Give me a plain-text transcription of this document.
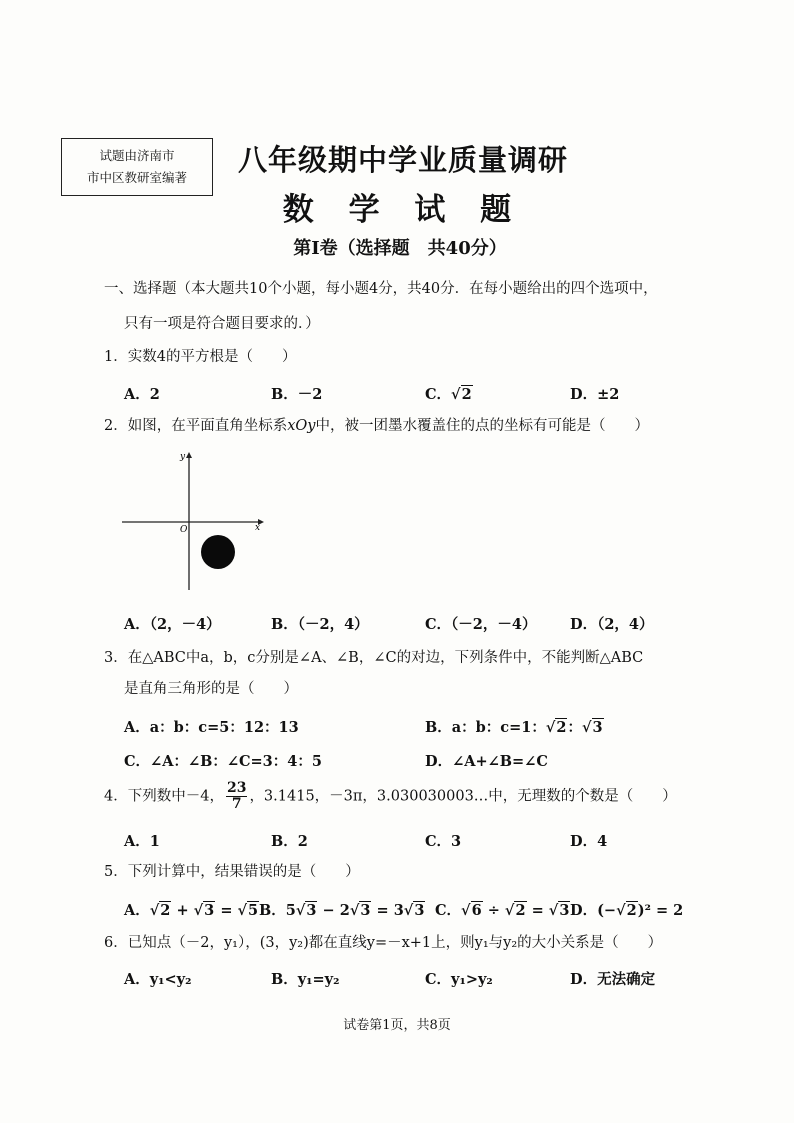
试题由济南市
市中区教研室编著
八年级期中学业质量调研
数 学 试 题
第I卷（选择题　共40分）
一、选择题（本大题共10个小题，每小题4分，共40分．在每小题给出的四个选项中，
只有一项是符合题目要求的．）
1．实数4的平方根是（　　）
A．2	B．－2	C．√2	D．±2
2．如图，在平面直角坐标系xOy中，被一团墨水覆盖住的点的坐标有可能是（　　）
y
x
O
A．（2，－4）	B．（－2，4）	C．（－2，－4） D．（2，4）
3．在△ABC中a，b，c分别是∠A、∠B，∠C的对边，下列条件中，不能判断△ABC
是直角三角形的是（　　）
A．a：b：c=5：12：13	B．a：b：c=1：√2：√3
C．∠A：∠B：∠C=3：4：5	D．∠A+∠B=∠C
4．下列数中－4， $\frac{23}{7}$ ，3.1415，－3π，3.030030003…中，无理数的个数是（　　）
A．1	B．2	C．3	D．4
5．下列计算中，结果错误的是（　　）
A．√2 + √3 = √5 B．5√3 − 2√3 = 3√3 C．√6 ÷ √2 = √3 D．(−√2)² = 2
6．已知点（－2，y₁），(3，y₂)都在直线y=－x+1上，则y₁与y₂的大小关系是（　　）
A．y₁<y₂	B．y₁=y₂	C．y₁>y₂	D．无法确定
试卷第1页，共8页
